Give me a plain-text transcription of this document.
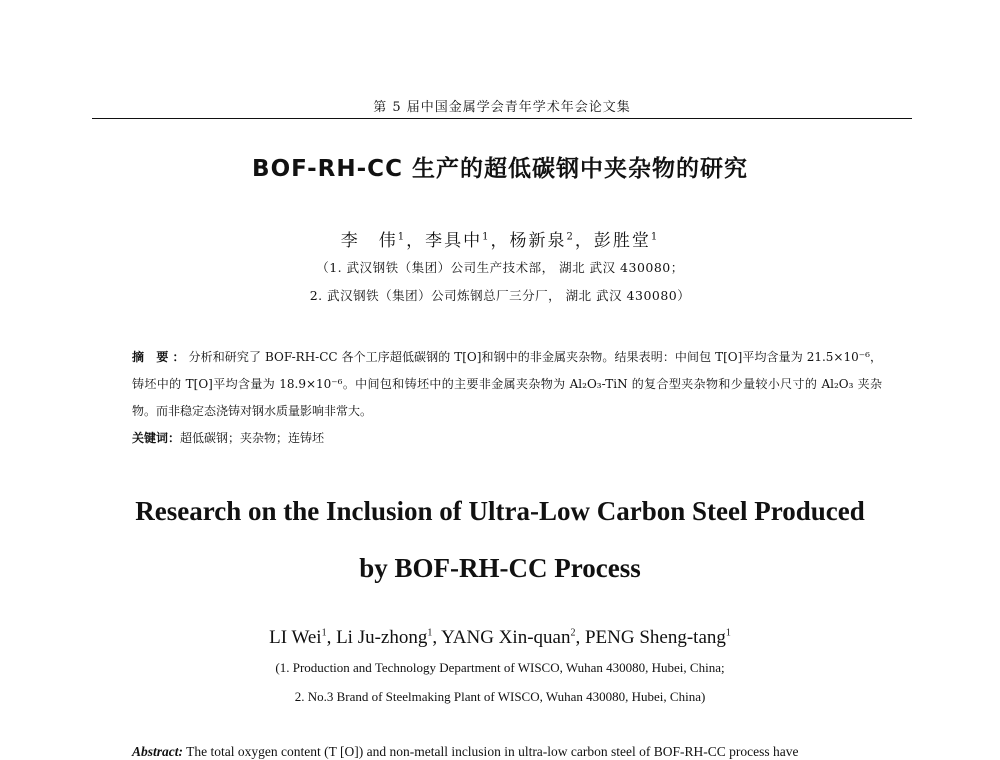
第 5 届中国金属学会青年学术年会论文集
BOF-RH-CC 生产的超低碳钢中夹杂物的研究
李　伟$^1$，李具中$^1$，杨新泉$^2$，彭胜堂$^1$
（1. 武汉钢铁（集团）公司生产技术部， 湖北 武汉 430080；
2. 武汉钢铁（集团）公司炼钢总厂三分厂， 湖北 武汉 430080）

摘 要：分析和研究了 BOF-RH-CC 各个工序超低碳钢的 T[O]和钢中的非金属夹杂物。结果表明：中间包 T[O]平均含量为 21.5×10⁻⁶，铸坯中的 T[O]平均含量为 18.9×10⁻⁶。中间包和铸坯中的主要非金属夹杂物为 Al₂O₃-TiN 的复合型夹杂物和少量较小尺寸的 Al₂O₃ 夹杂物。而非稳定态浇铸对钢水质量影响非常大。

关键词：超低碳钢；夹杂物；连铸坯
Research on the Inclusion of Ultra-Low Carbon Steel Produced
by BOF-RH-CC Process
LI Wei$^1$, Li Ju-zhong$^1$, YANG Xin-quan$^2$, PENG Sheng-tang$^1$
(1. Production and Technology Department of WISCO, Wuhan 430080, Hubei, China;
2. No.3 Brand of Steelmaking Plant of WISCO, Wuhan 430080, Hubei, China)
Abstract: The total oxygen content (T [O]) and non-metall inclusion in ultra-low carbon steel of BOF-RH-CC process have
